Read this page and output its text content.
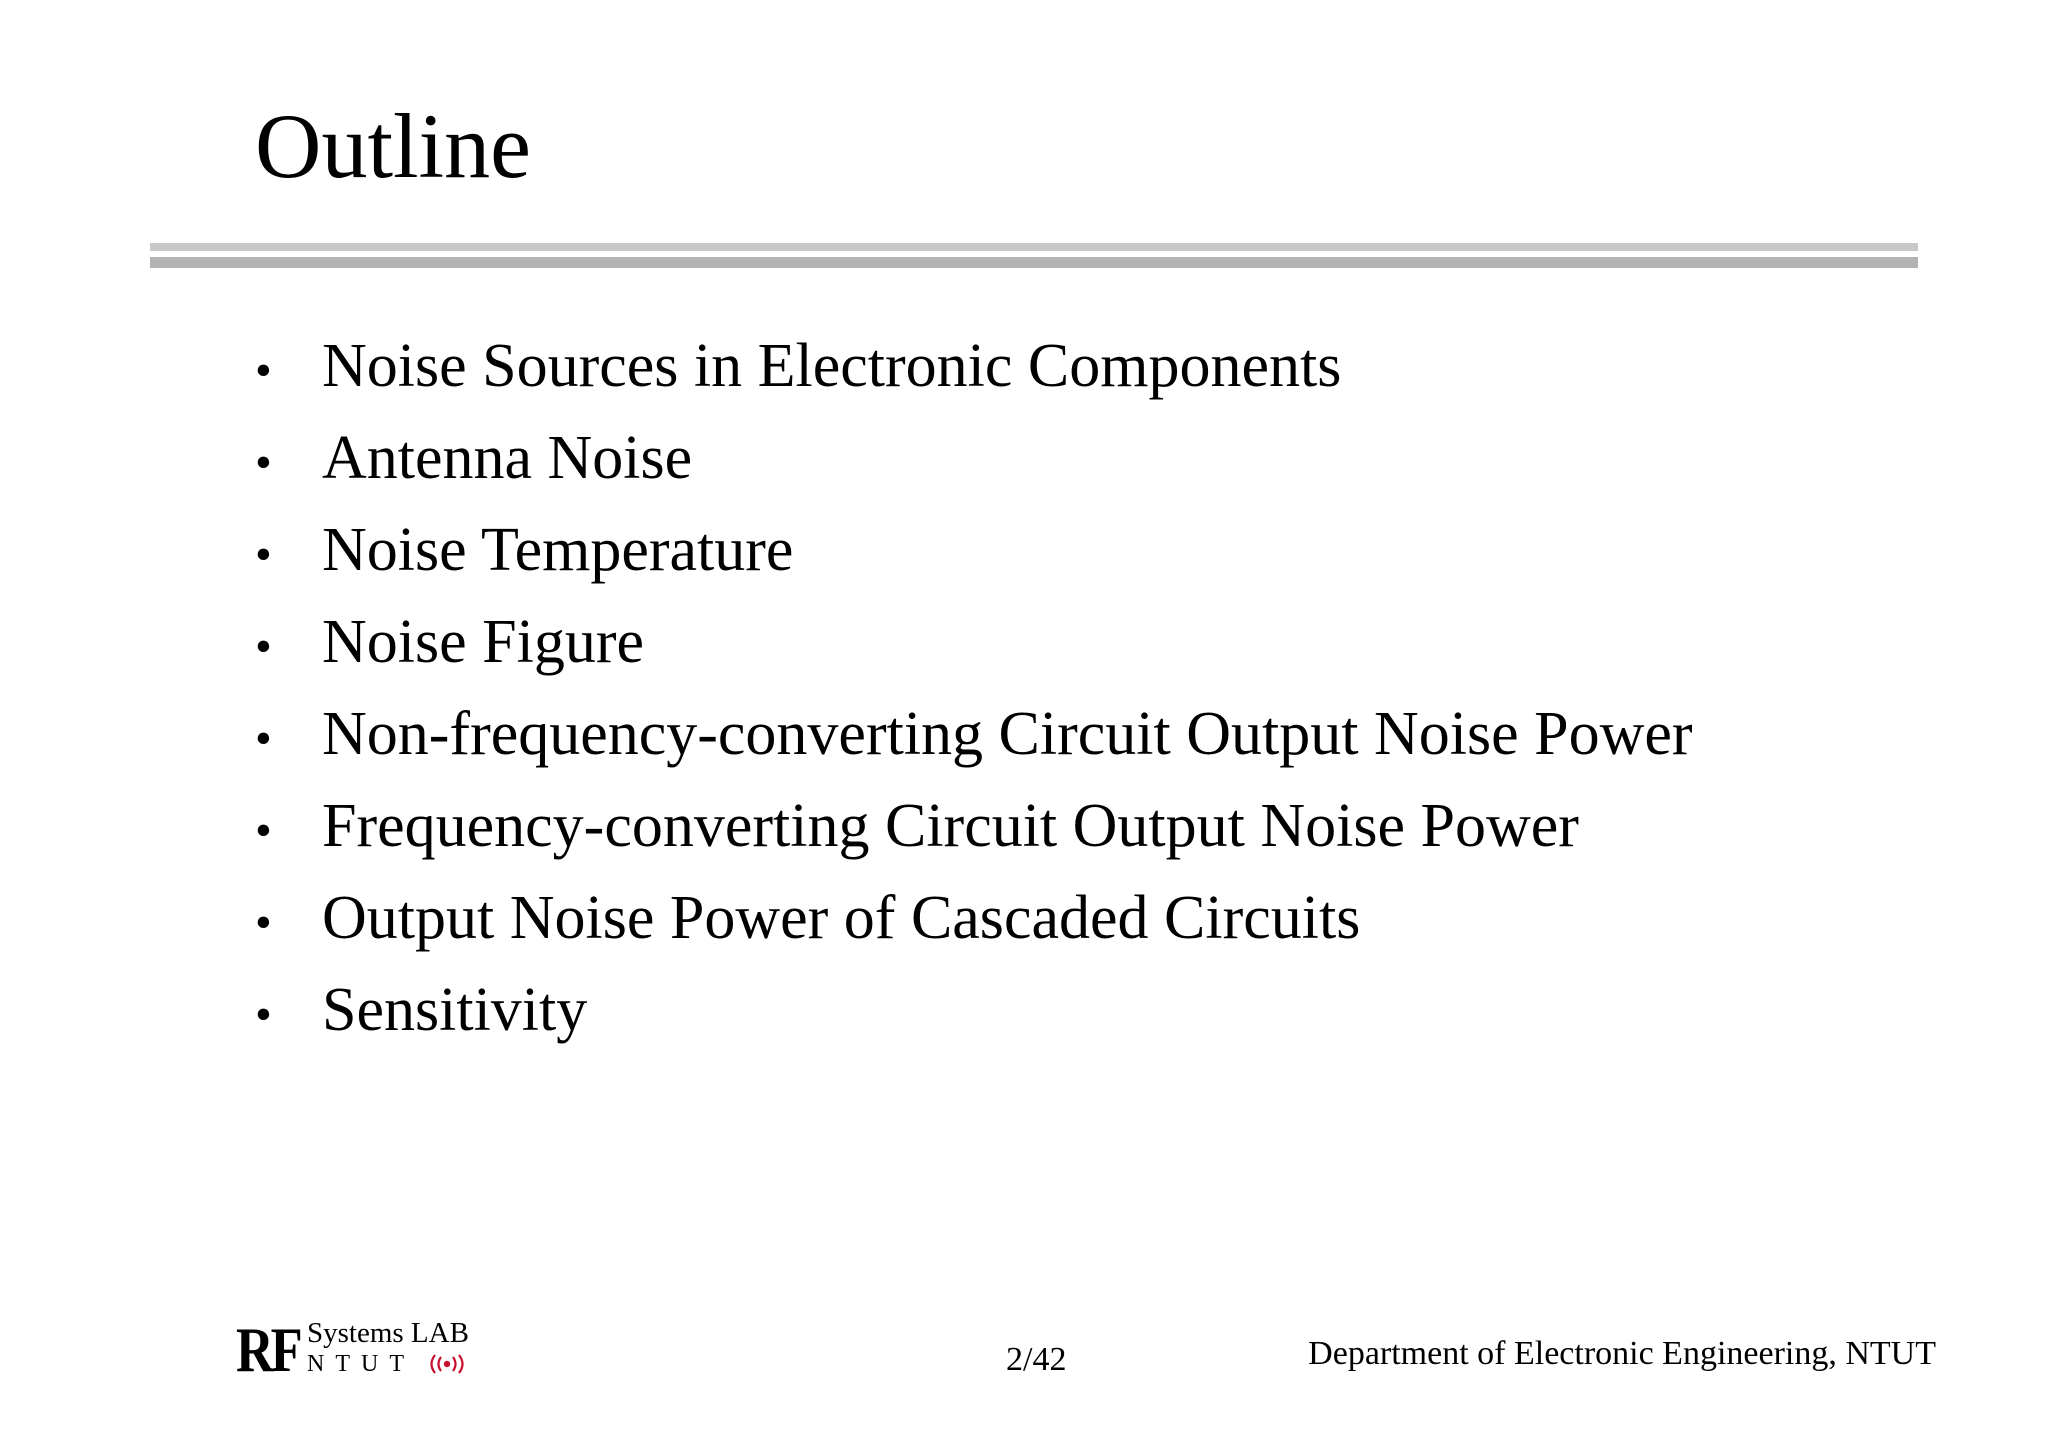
Outline
• Noise Sources in Electronic Components
• Antenna Noise
• Noise Temperature
• Noise Figure
• Non-frequency-converting Circuit Output Noise Power
• Frequency-converting Circuit Output Noise Power
• Output Noise Power of Cascaded Circuits
• Sensitivity
RF Systems LAB
NTUT	2/42	Department of Electronic Engineering, NTUT
